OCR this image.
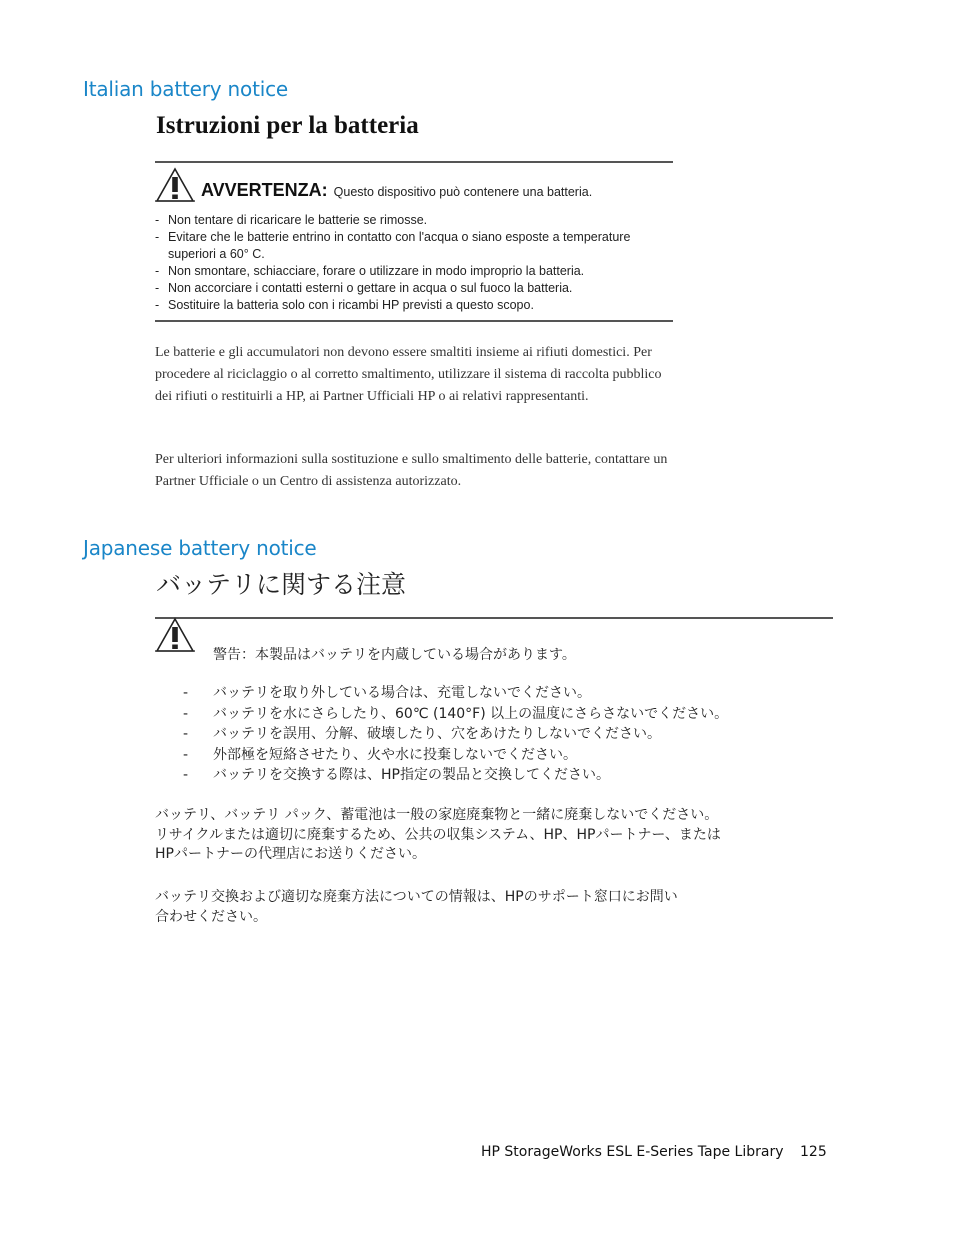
Italian battery notice
Istruzioni per la batteria
AVVERTENZA: Questo dispositivo può contenere una batteria.
- Non tentare di ricaricare le batterie se rimosse.
- Evitare che le batterie entrino in contatto con l'acqua o siano esposte a temperature superiori a 60° C.
- Non smontare, schiacciare, forare o utilizzare in modo improprio la batteria.
- Non accorciare i contatti esterni o gettare in acqua o sul fuoco la batteria.
- Sostituire la batteria solo con i ricambi HP previsti a questo scopo.

Le batterie e gli accumulatori non devono essere smaltiti insieme ai rifiuti domestici. Per procedere al riciclaggio o al corretto smaltimento, utilizzare il sistema di raccolta pubblico dei rifiuti o restituirli a HP, ai Partner Ufficiali HP o ai relativi rappresentanti.

Per ulteriori informazioni sulla sostituzione e sullo smaltimento delle batterie, contattare un Partner Ufficiale o un Centro di assistenza autorizzato.

Japanese battery notice
バッテリに関する注意
警告：本製品はバッテリを内蔵している場合があります。
- バッテリを取り外している場合は、充電しないでください。
- バッテリを水にさらしたり、60℃ (140°F) 以上の温度にさらさないでください。
- バッテリを誤用、分解、破壊したり、穴をあけたりしないでください。
- 外部極を短絡させたり、火や水に投棄しないでください。
- バッテリを交換する際は、HP指定の製品と交換してください。
バッテリ、バッテリ パック、蓄電池は一般の家庭廃棄物と一緒に廃棄しないでください。
リサイクルまたは適切に廃棄するため、公共の収集システム、HP、HPパートナー、または
HPパートナーの代理店にお送りください。
バッテリ交換および適切な廃棄方法についての情報は、HPのサポート窓口にお問い
合わせください。
HP StorageWorks ESL E-Series Tape Library 125
